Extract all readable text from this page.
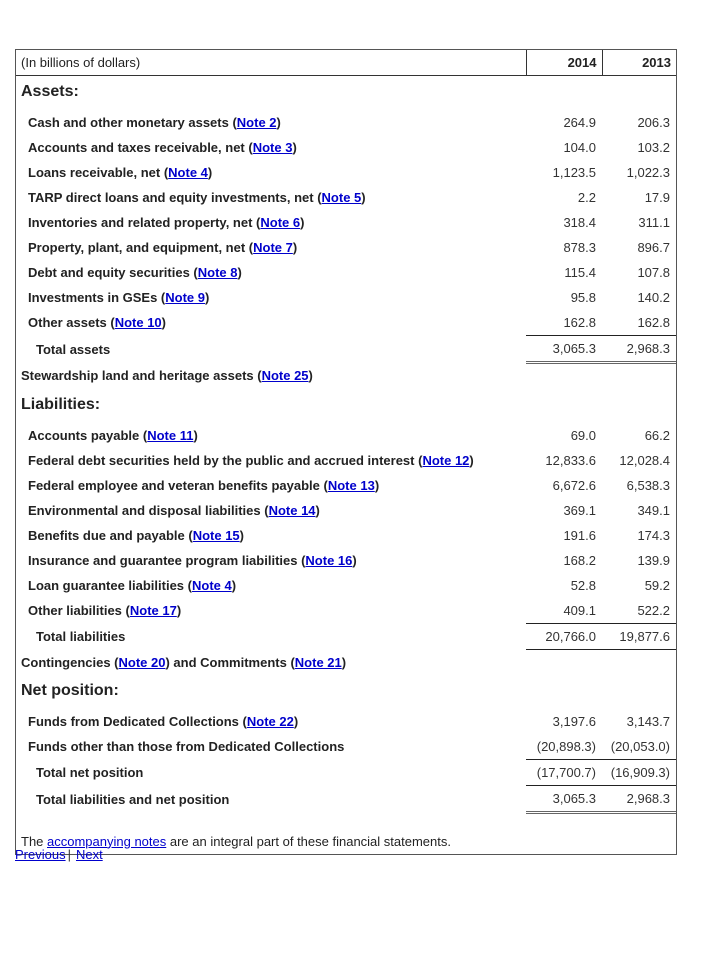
(In billions of dollars)	2014	2013
Assets:		
Cash and other monetary assets (Note 2)	264.9	206.3
Accounts and taxes receivable, net (Note 3)	104.0	103.2
Loans receivable, net (Note 4)	1,123.5	1,022.3
TARP direct loans and equity investments, net (Note 5)	2.2	17.9
Inventories and related property, net (Note 6)	318.4	311.1
Property, plant, and equipment, net (Note 7)	878.3	896.7
Debt and equity securities (Note 8)	115.4	107.8
Investments in GSEs (Note 9)	95.8	140.2
Other assets (Note 10)	162.8	162.8
Total assets	3,065.3	2,968.3
Stewardship land and heritage assets (Note 25)		
Liabilities:		
Accounts payable (Note 11)	69.0	66.2
Federal debt securities held by the public and accrued interest (Note 12)	12,833.6	12,028.4
Federal employee and veteran benefits payable (Note 13)	6,672.6	6,538.3
Environmental and disposal liabilities (Note 14)	369.1	349.1
Benefits due and payable (Note 15)	191.6	174.3
Insurance and guarantee program liabilities (Note 16)	168.2	139.9
Loan guarantee liabilities (Note 4)	52.8	59.2
Other liabilities (Note 17)	409.1	522.2
Total liabilities	20,766.0	19,877.6
Contingencies (Note 20) and Commitments (Note 21)		
Net position:		
Funds from Dedicated Collections (Note 22)	3,197.6	3,143.7
Funds other than those from Dedicated Collections	(20,898.3)	(20,053.0)
Total net position	(17,700.7)	(16,909.3)
Total liabilities and net position	3,065.3	2,968.3

The accompanying notes are an integral part of these financial statements.		
Previous | Next
